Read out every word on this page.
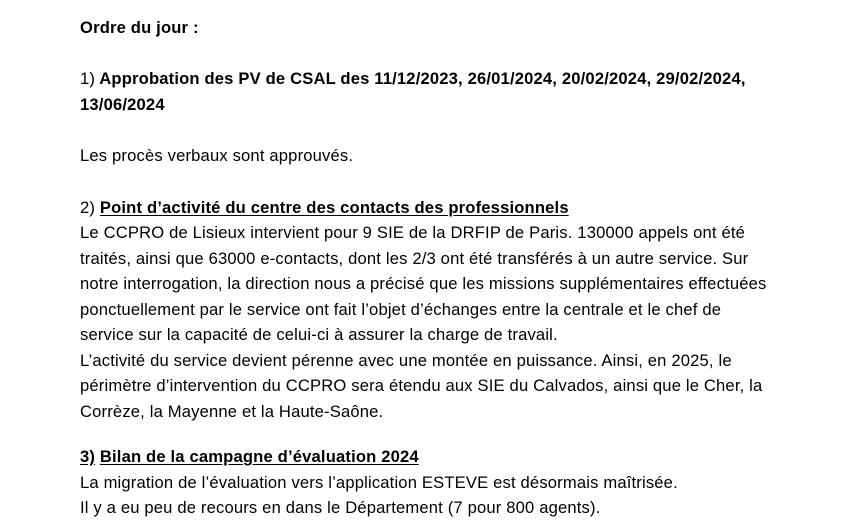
Ordre du jour :

1) Approbation des PV de CSAL des 11/12/2023, 26/01/2024, 20/02/2024, 29/02/2024, 13/06/2024

Les procès verbaux sont approuvés.

2) Point d’activité du centre des contacts des professionnels

Le CCPRO de Lisieux intervient pour 9 SIE de la DRFIP de Paris. 130000 appels ont été traités, ainsi que 63000 e-contacts, dont les 2/3 ont été transférés à un autre service. Sur notre interrogation, la direction nous a précisé que les missions supplémentaires effectuées ponctuellement par le service ont fait l’objet d’échanges entre la centrale et le chef de service sur la capacité de celui-ci à assurer la charge de travail.

L’activité du service devient pérenne avec une montée en puissance. Ainsi, en 2025, le périmètre d’intervention du CCPRO sera étendu aux SIE du Calvados, ainsi que le Cher, la Corrèze, la Mayenne et la Haute-Saône.

3) Bilan de la campagne d’évaluation 2024

La migration de l’évaluation vers l’application ESTEVE est désormais maîtrisée.

Il y a eu peu de recours en dans le Département (7 pour 800 agents).
